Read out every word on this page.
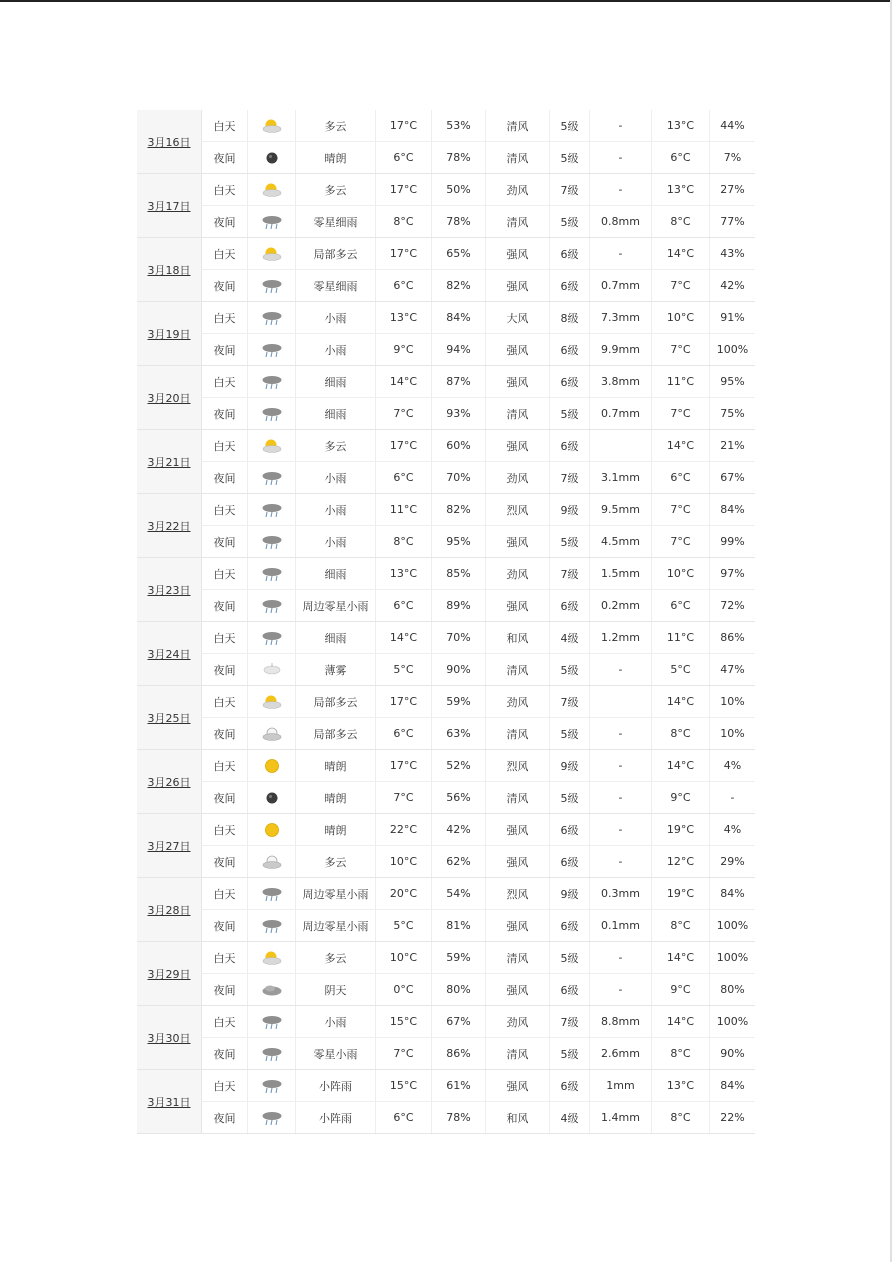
3月16日
白天	多云	17°C	53%	清风	5级	-	13°C 44%
夜间	晴朗	6°C	78%	清风	5级	-	6°C	7%
3月17日
白天	多云	17°C	50%	劲风	7级	-	13°C 27%
夜间	零星细雨	8°C	78%	清风	5级 0.8mm	8°C	77%
3月18日
白天	局部多云	17°C	65%	强风	6级	-	14°C 43%
夜间	零星细雨	6°C	82%	强风	6级 0.7mm	7°C	42%
3月19日
白天	小雨	13°C	84%	大风	8级 7.3mm 10°C 91%
夜间	小雨	9°C	94%	强风	6级 9.9mm	7°C 100%
3月20日
白天	细雨	14°C	87%	强风	6级 3.8mm 11°C 95%
夜间	细雨	7°C	93%	清风	5级 0.7mm	7°C	75%
3月21日
白天	多云	17°C	60%	强风	6级	14°C 21%
夜间	小雨	6°C	70%	劲风	7级 3.1mm	6°C	67%
3月22日
白天	小雨	11°C	82%	烈风	9级 9.5mm	7°C	84%
夜间	小雨	8°C	95%	强风	5级 4.5mm	7°C	99%
3月23日
白天	细雨	13°C	85%	劲风	7级 1.5mm 10°C 97%
夜间	周边零星小雨 6°C	89%	强风	6级 0.2mm	6°C	72%
3月24日
白天	细雨	14°C	70%	和风	4级 1.2mm 11°C 86%
夜间	薄雾	5°C	90%	清风	5级	-	5°C	47%
3月25日
白天	局部多云	17°C	59%	劲风	7级	14°C 10%
夜间	局部多云	6°C	63%	清风	5级	-	8°C	10%
3月26日
白天	晴朗	17°C	52%	烈风	9级	-	14°C	4%
夜间	晴朗	7°C	56%	清风	5级	-	9°C	-
3月27日
白天	晴朗	22°C	42%	强风	6级	-	19°C	4%
夜间	多云	10°C	62%	强风	6级	-	12°C 29%
3月28日
白天	周边零星小雨 20°C	54%	烈风	9级 0.3mm 19°C 84%
夜间	周边零星小雨 5°C	81%	强风	6级 0.1mm	8°C 100%
3月29日
白天	多云	10°C	59%	清风	5级	-	14°C 100%
夜间	阴天	0°C	80%	强风	6级	-	9°C	80%
3月30日
白天	小雨	15°C	67%	劲风	7级 8.8mm 14°C 100%
夜间	零星小雨	7°C	86%	清风	5级 2.6mm	8°C	90%
3月31日
白天	小阵雨	15°C	61%	强风	6级	1mm	13°C 84%
夜间	小阵雨	6°C	78%	和风	4级 1.4mm	8°C	22%
